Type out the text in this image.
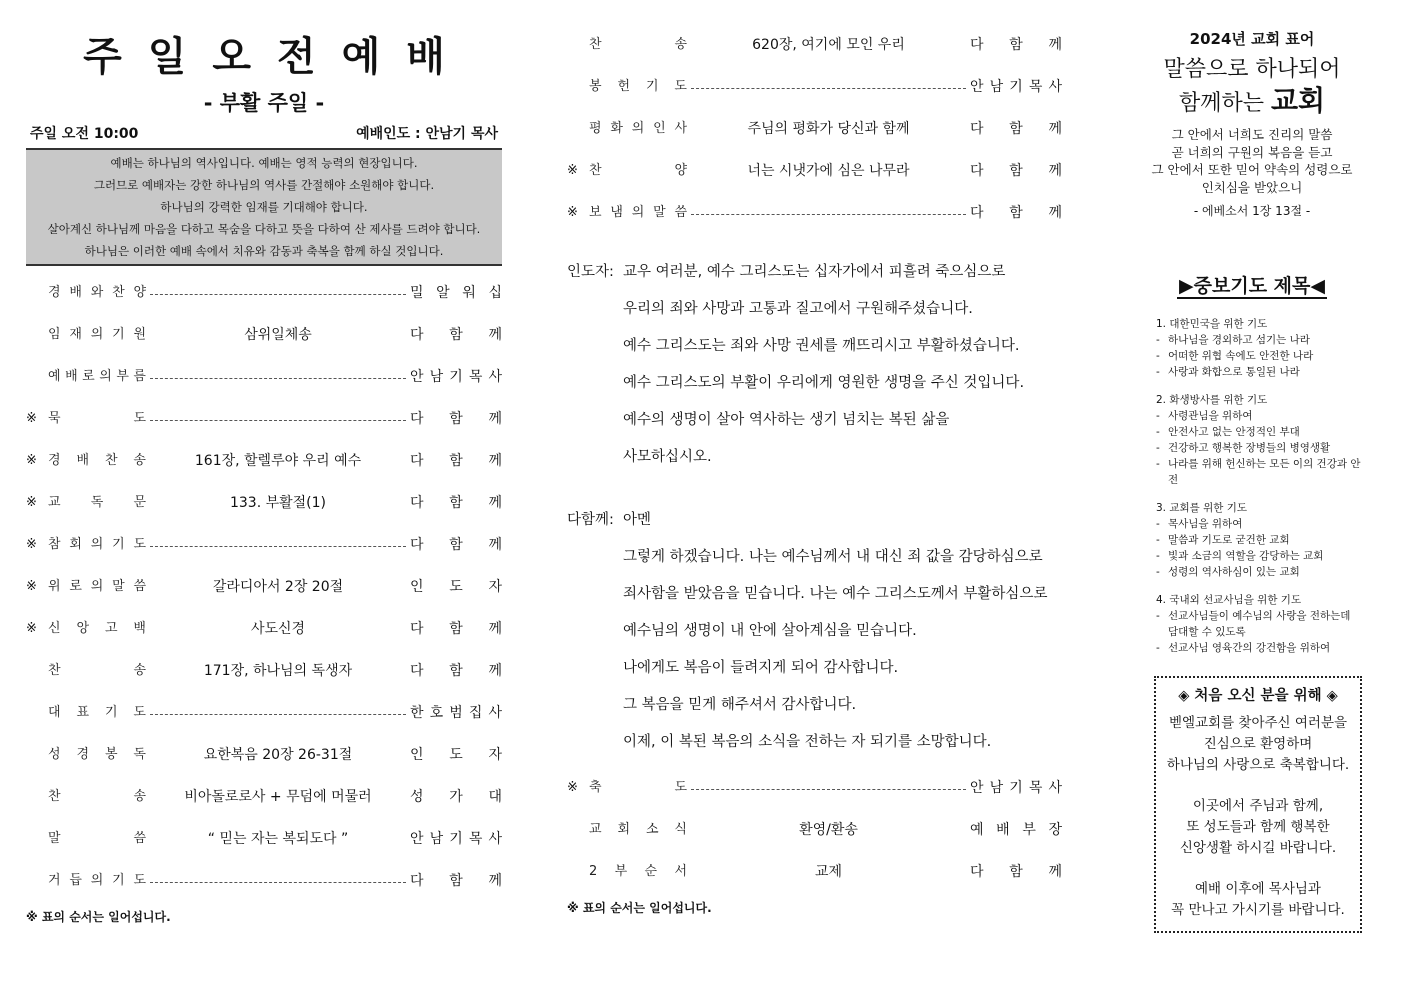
주일오전예배
- 부활 주일 -
주일 오전 10:00	예배인도 : 안남기 목사
예배는 하나님의 역사입니다. 예배는 영적 능력의 현장입니다.
그러므로 예배자는 강한 하나님의 역사를 간절해야 소원해야 합니다.
하나님의 강력한 임재를 기대해야 합니다.
살아계신 하나님께 마음을 다하고 목숨을 다하고 뜻을 다하여 산 제사를 드려야 합니다.
하나님은 이러한 예배 속에서 치유와 감동과 축복을 함께 하실 것입니다.
경 배 와 찬 양	밀 알 워 십
임 재 의 기 원	삼위일체송	다 함 께
예 배 로 의 부 름	안 남 기 목 사
※ 묵	도	다 함 께
※ 경 배 찬 송	161장, 할렐루야 우리 예수	다 함 께
※ 교 독 문	133. 부활절(1)	다 함 께
※ 참 회 의 기 도	다 함 께
※ 위 로 의 말 씀	갈라디아서 2장 20절	인 도 자
※ 신 앙 고 백	사도신경	다 함 께
찬	송	171장, 하나님의 독생자	다 함 께
대 표 기 도	한 호 범 집 사
성 경 봉 독	요한복음 20장 26-31절	인 도 자
찬	송	비아돌로로사 + 무덤에 머물러	성 가 대
말	씀	“ 믿는 자는 복되도다 ”	안 남 기 목 사
거 듭 의 기 도	다 함 께
※ 표의 순서는 일어섭니다.
찬	송	620장, 여기에 모인 우리	다 함 께
봉 헌 기 도	안 남 기 목 사
평 화 의 인 사	주님의 평화가 당신과 함께	다 함 께
※ 찬	양	너는 시냇가에 심은 나무라	다 함 께
※ 보 냄 의 말 씀	다 함 께
인도자: 교우 여러분, 예수 그리스도는 십자가에서 피흘려 죽으심으로
우리의 죄와 사망과 고통과 질고에서 구원해주셨습니다.
예수 그리스도는 죄와 사망 권세를 깨뜨리시고 부활하셨습니다.
예수 그리스도의 부활이 우리에게 영원한 생명을 주신 것입니다.
예수의 생명이 살아 역사하는 생기 넘치는 복된 삶을
사모하십시오.
다함께: 아멘
그렇게 하겠습니다. 나는 예수님께서 내 대신 죄 값을 감당하심으로
죄사함을 받았음을 믿습니다. 나는 예수 그리스도께서 부활하심으로
예수님의 생명이 내 안에 살아계심을 믿습니다.
나에게도 복음이 들려지게 되어 감사합니다.
그 복음을 믿게 해주셔서 감사합니다.
이제, 이 복된 복음의 소식을 전하는 자 되기를 소망합니다.
※ 축	도	안 남 기 목 사
교 회 소 식	환영/환송	예 배 부 장
2 부 순 서	교제	다 함 께
※ 표의 순서는 일어섭니다.
2024년 교회 표어
말씀으로 하나되어
함께하는 교회
그 안에서 너희도 진리의 말씀
곧 너희의 구원의 복음을 듣고
그 안에서 또한 믿어 약속의 성령으로
인치심을 받았으니
- 에베소서 1장 13절 -
▶중보기도 제목◀
1. 대한민국을 위한 기도
- 하나님을 경외하고 섬기는 나라
- 어떠한 위협 속에도 안전한 나라
- 사랑과 화합으로 통일된 나라
2. 화생방사를 위한 기도
- 사령관님을 위하여
- 안전사고 없는 안정적인 부대
- 건강하고 행복한 장병들의 병영생활
- 나라를 위해 헌신하는 모든 이의 건강과 안전
3. 교회를 위한 기도
- 목사님을 위하여
- 말씀과 기도로 굳건한 교회
- 빛과 소금의 역할을 감당하는 교회
- 성령의 역사하심이 있는 교회
4. 국내외 선교사님을 위한 기도
- 선교사님들이 예수님의 사랑을 전하는데 담대할 수 있도록
- 선교사님 영육간의 강건함을 위하여
◈ 처음 오신 분을 위해 ◈
벧엘교회를 찾아주신 여러분을
진심으로 환영하며
하나님의 사랑으로 축복합니다.
이곳에서 주님과 함께,
또 성도들과 함께 행복한
신앙생활 하시길 바랍니다.
예배 이후에 목사님과
꼭 만나고 가시기를 바랍니다.
